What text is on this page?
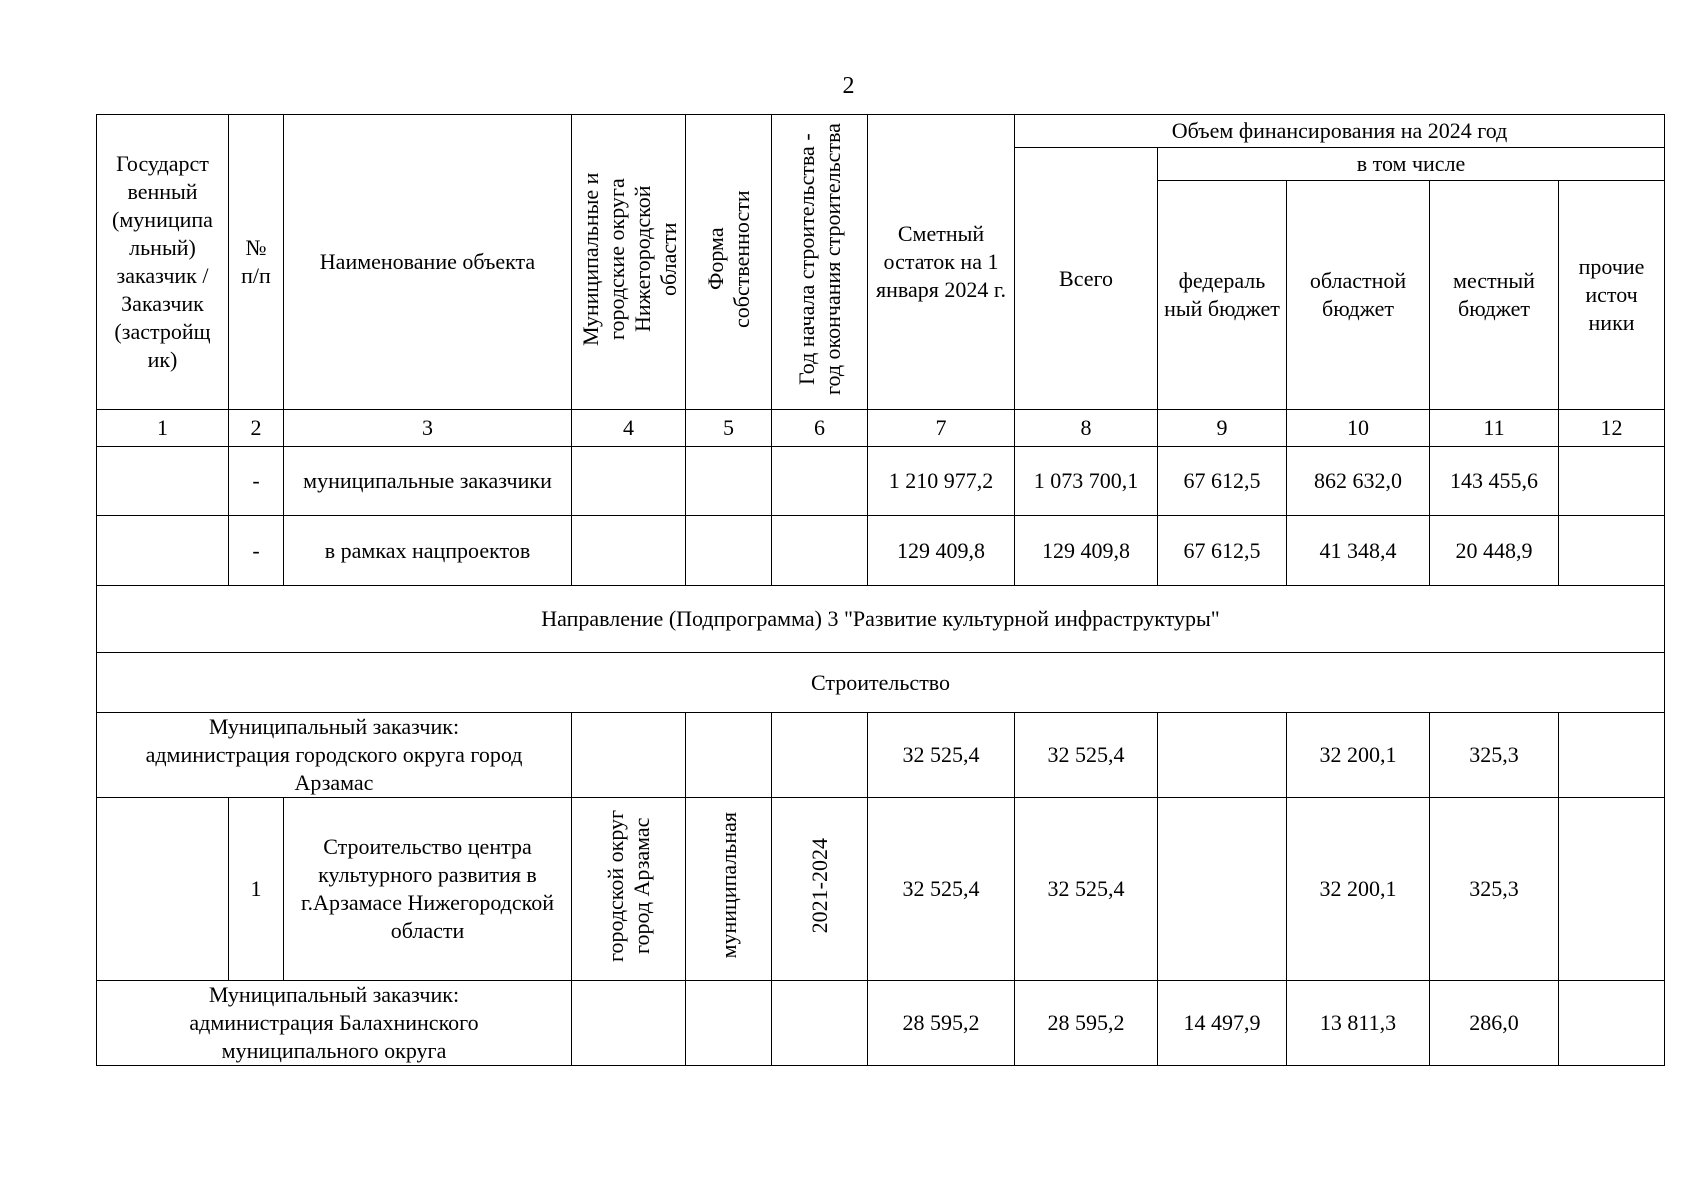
2
Государст венный (муниципа льный) заказчик / Заказчик (застройщ ик)	№ п/п	Наименование объекта	Муниципальные и городские округа Нижегородской области	Форма собственности	Год начала строительства - год окончания строительства	Сметный остаток на 1 января 2024 г.	Объем финансирования на 2024 год				
							Всего	в том числе			
								федераль ный бюджет	областной бюджет	местный бюджет	прочие источ ники
1	2	3	4	5	6	7	8	9	10	11	12
	-	муниципальные заказчики				1 210 977,2	1 073 700,1	67 612,5	862 632,0	143 455,6	
	-	в рамках нацпроектов				129 409,8	129 409,8	67 612,5	41 348,4	20 448,9	
Направление (Подпрограмма) 3 "Развитие культурной инфраструктуры"											
Строительство											
Муниципальный заказчик: администрация городского округа город Арзамас						32 525,4	32 525,4		32 200,1	325,3	
	1	Строительство центра культурного развития в г.Арзамасе Нижегородской области	городской округ город Арзамас	муниципальная	2021-2024	32 525,4	32 525,4		32 200,1	325,3	
Муниципальный заказчик: администрация Балахнинского муниципального округа						28 595,2	28 595,2	14 497,9	13 811,3	286,0	
